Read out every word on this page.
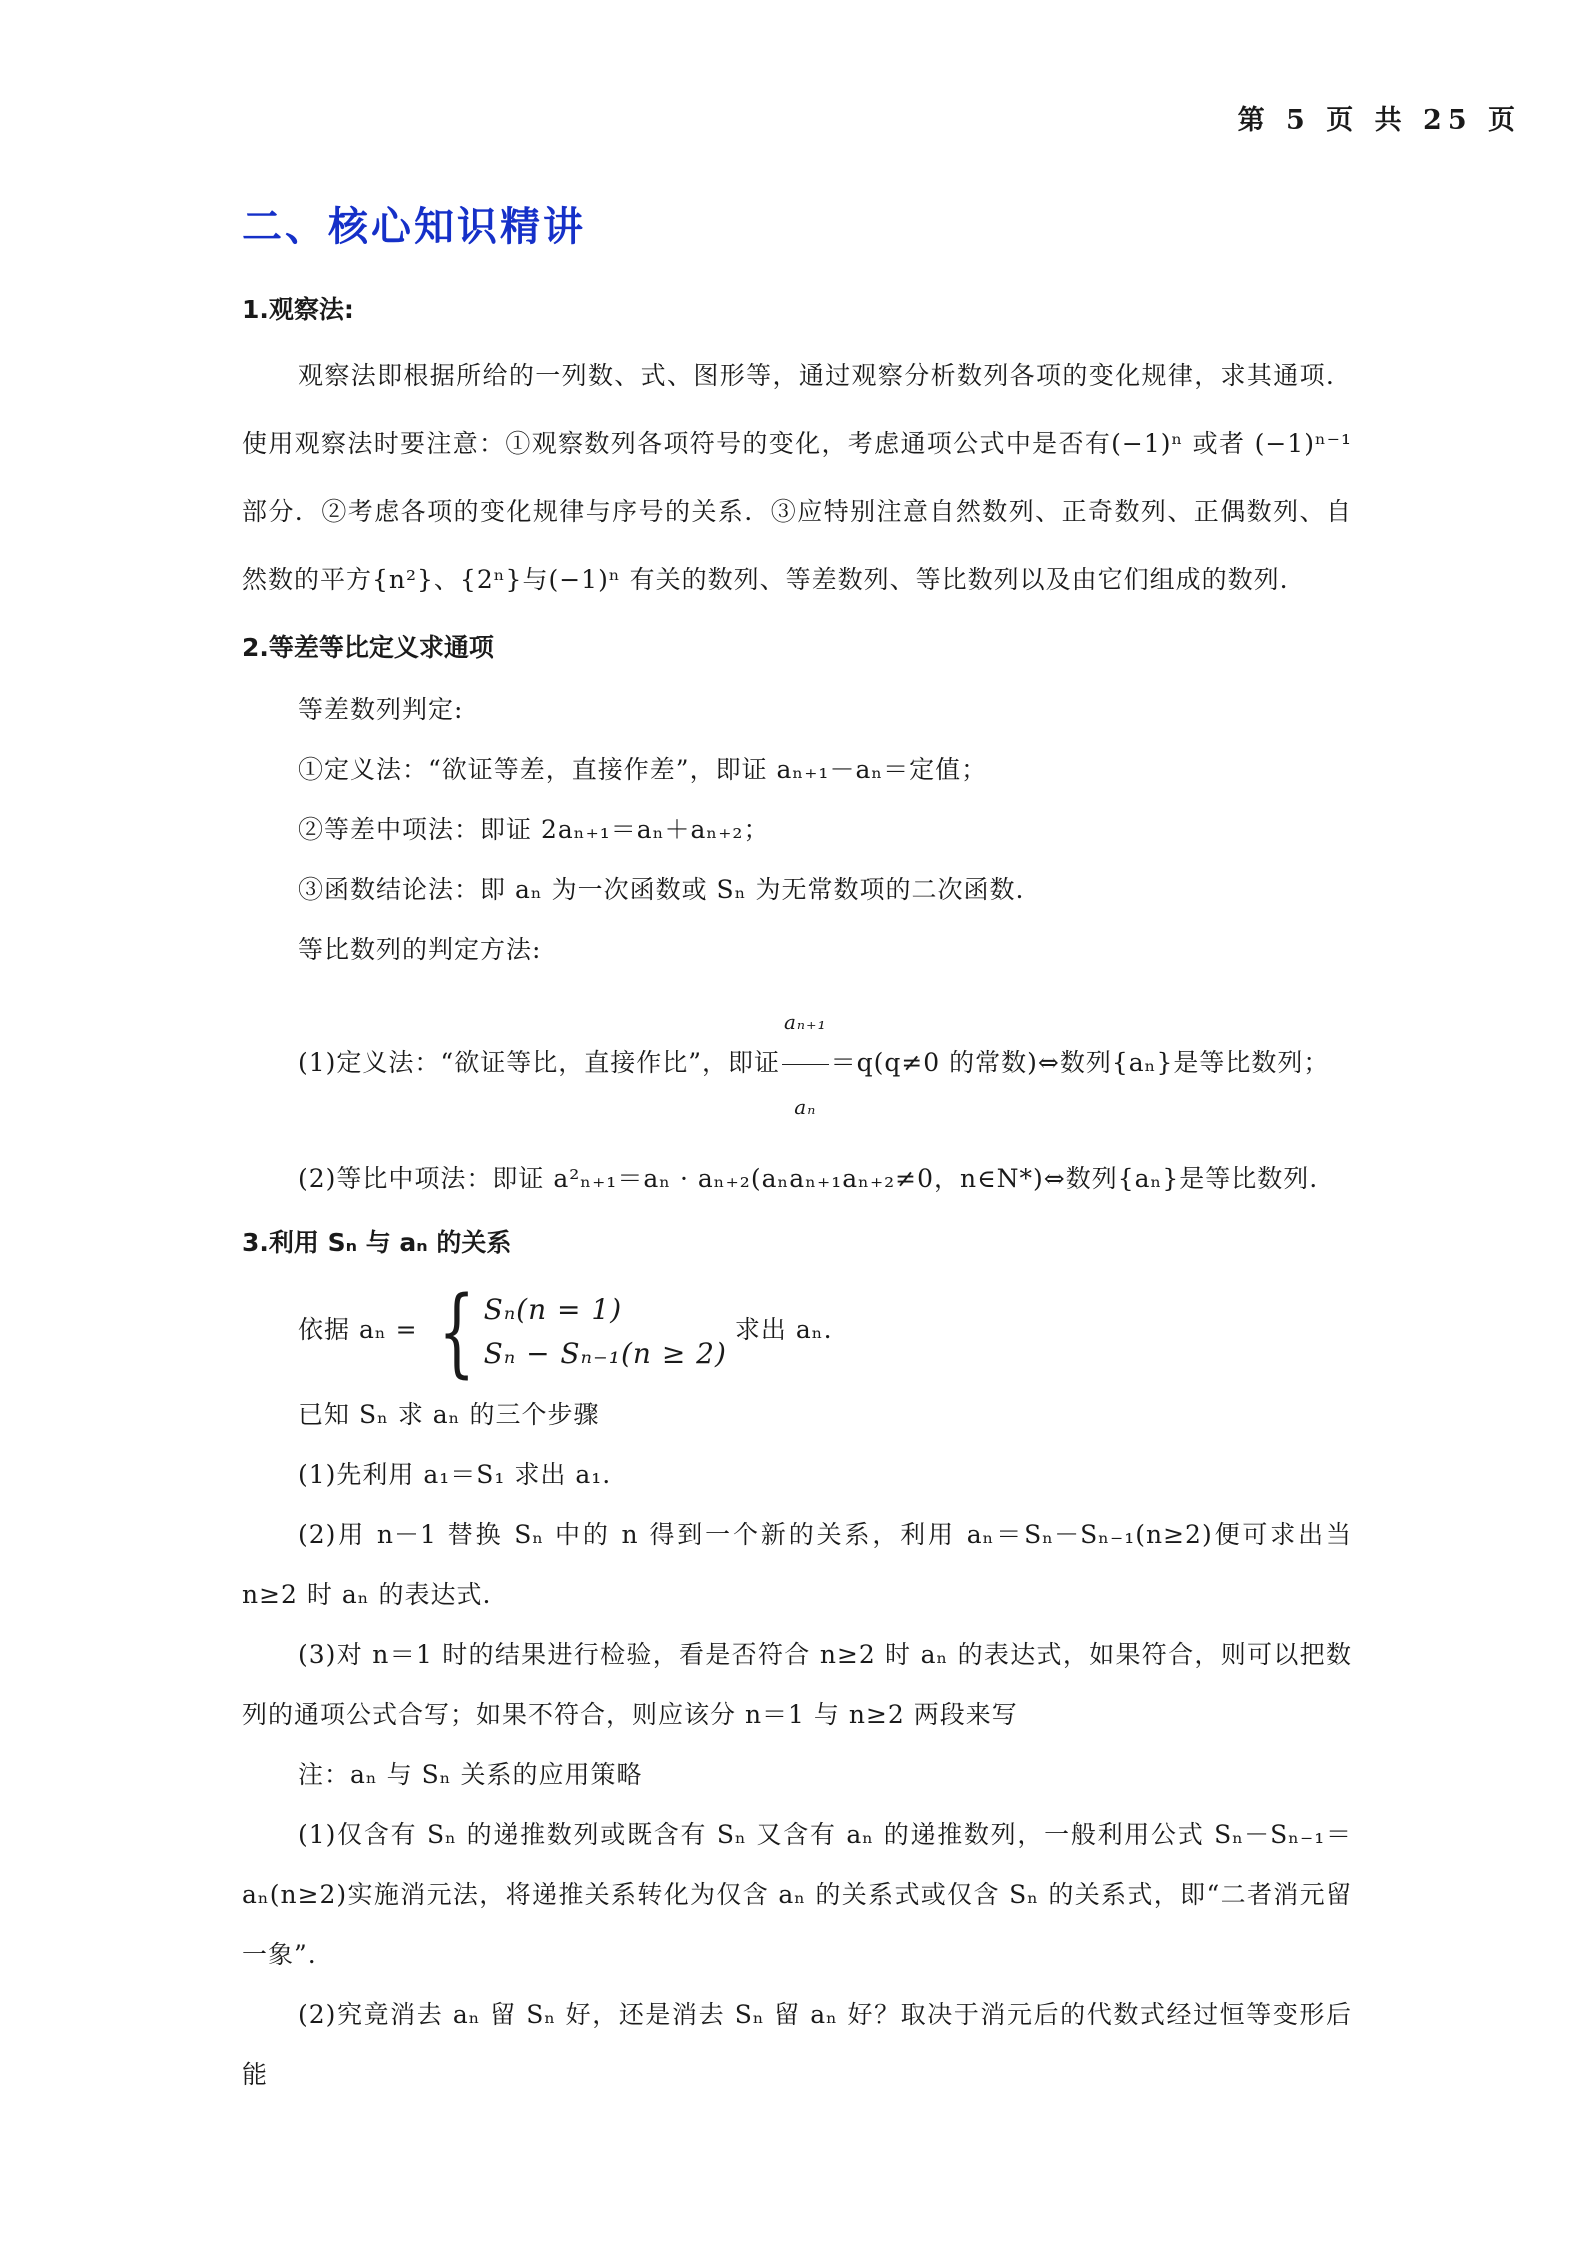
第 5 页 共 25 页
二、核心知识精讲
1.观察法:
观察法即根据所给的一列数、式、图形等，通过观察分析数列各项的变化规律，求其通项．使用观察法时要注意：①观察数列各项符号的变化，考虑通项公式中是否有(−1)ⁿ 或者 (−1)ⁿ⁻¹ 部分．②考虑各项的变化规律与序号的关系．③应特别注意自然数列、正奇数列、正偶数列、自然数的平方{n²}、{2ⁿ}与(−1)ⁿ 有关的数列、等差数列、等比数列以及由它们组成的数列.
2.等差等比定义求通项
等差数列判定:
①定义法：“欲证等差，直接作差”，即证 aₙ₊₁－aₙ＝定值；
②等差中项法：即证 2aₙ₊₁＝aₙ＋aₙ₊₂；
③函数结论法：即 aₙ 为一次函数或 Sₙ 为无常数项的二次函数.
等比数列的判定方法:
(1)定义法：“欲证等比，直接作比”，即证 $\frac{\text{aₙ₊₁}}{\text{aₙ}} =q(q\ne 0$ 的常数)⇔数列{aₙ}是等比数列；
(2)等比中项法：即证 a²ₙ₊₁＝aₙ · aₙ₊₂(aₙaₙ₊₁aₙ₊₂≠0，n∈N*)⇔数列{aₙ}是等比数列.
3.利用 Sₙ 与 aₙ 的关系
依据 aₙ = { Sₙ(n = 1)
Sₙ − Sₙ₋₁(n ≥ 2)
求出 aₙ.
已知 Sₙ 求 aₙ 的三个步骤
(1)先利用 a₁＝S₁ 求出 a₁.
(2)用 n－1 替换 Sₙ 中的 n 得到一个新的关系，利用 aₙ＝Sₙ－Sₙ₋₁(n≥2)便可求出当 n≥2 时 aₙ 的表达式.
(3)对 n＝1 时的结果进行检验，看是否符合 n≥2 时 aₙ 的表达式，如果符合，则可以把数列的通项公式合写；如果不符合，则应该分 n＝1 与 n≥2 两段来写
注：aₙ 与 Sₙ 关系的应用策略
(1)仅含有 Sₙ 的递推数列或既含有 Sₙ 又含有 aₙ 的递推数列，一般利用公式 Sₙ－Sₙ₋₁＝aₙ(n≥2)实施消元法，将递推关系转化为仅含 aₙ 的关系式或仅含 Sₙ 的关系式，即“二者消元留一象”.
(2)究竟消去 aₙ 留 Sₙ 好，还是消去 Sₙ 留 aₙ 好？取决于消元后的代数式经过恒等变形后能
